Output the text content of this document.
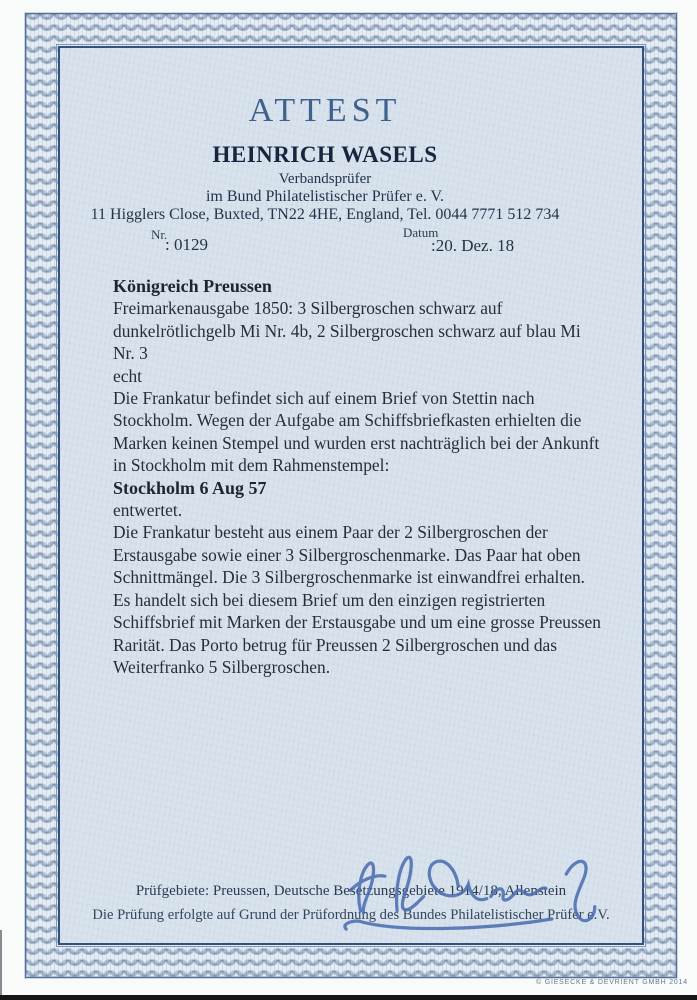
ATTEST
HEINRICH WASELS
Verbandsprüfer
im Bund Philatelistischer Prüfer e. V.
11 Higglers Close, Buxted, TN22 4HE, England, Tel. 0044 7771 512 734
Nr.
: 0129
Datum
:20. Dez. 18

Königreich Preussen

Freimarkenausgabe 1850: 3 Silbergroschen schwarz auf dunkelrötlichgelb Mi Nr. 4b, 2 Silbergroschen schwarz auf blau Mi Nr. 3

echt

Die Frankatur befindet sich auf einem Brief von Stettin nach Stockholm. Wegen der Aufgabe am Schiffsbriefkasten erhielten die Marken keinen Stempel und wurden erst nachträglich bei der Ankunft in Stockholm mit dem Rahmenstempel:

Stockholm 6 Aug 57

entwertet.

Die Frankatur besteht aus einem Paar der 2 Silbergroschen der Erstausgabe sowie einer 3 Silbergroschenmarke. Das Paar hat oben Schnittmängel. Die 3 Silbergroschenmarke ist einwandfrei erhalten.

Es handelt sich bei diesem Brief um den einzigen registrierten Schiffsbrief mit Marken der Erstausgabe und um eine grosse Preussen Rarität. Das Porto betrug für Preussen 2 Silbergroschen und das Weiterfranko 5 Silbergroschen.

Prüfgebiete: Preussen, Deutsche Besetzungsgebiete 1914/18, Allenstein
Die Prüfung erfolgte auf Grund der Prüfordnung des Bundes Philatelistischer Prüfer e.V.
© GIESECKE & DEVRIENT GMBH 2014
